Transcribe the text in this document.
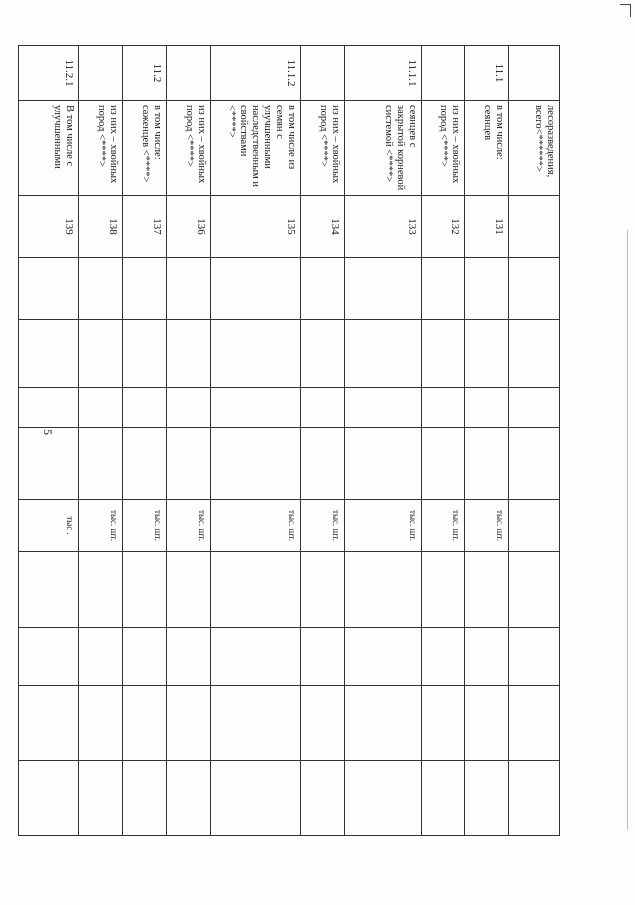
5
	лесоразведения, всего<******>										
11.1	в том числе: сеянцев	131					тыс. шт.				
	из них – хвойных пород <****>	132					тыс. шт.				
11.1.1	сеянцев с закрытой корневой системой <****>	133					тыс. шт.				
	из них – хвойных пород <****>	134					тыс. шт.				
11.1.2	в том числе из семян с улучшенными наследственным и свойствами <****>	135					тыс. шт.				
	из них – хвойных пород <****>	136					тыс. шт.				
11.2	в том числе: саженцев <****>	137					тыс. шт.				
	из них – хвойных пород <****>	138					тыс. шт.				
11.2.1	В том числе с улучшенными	139					тыс .				
